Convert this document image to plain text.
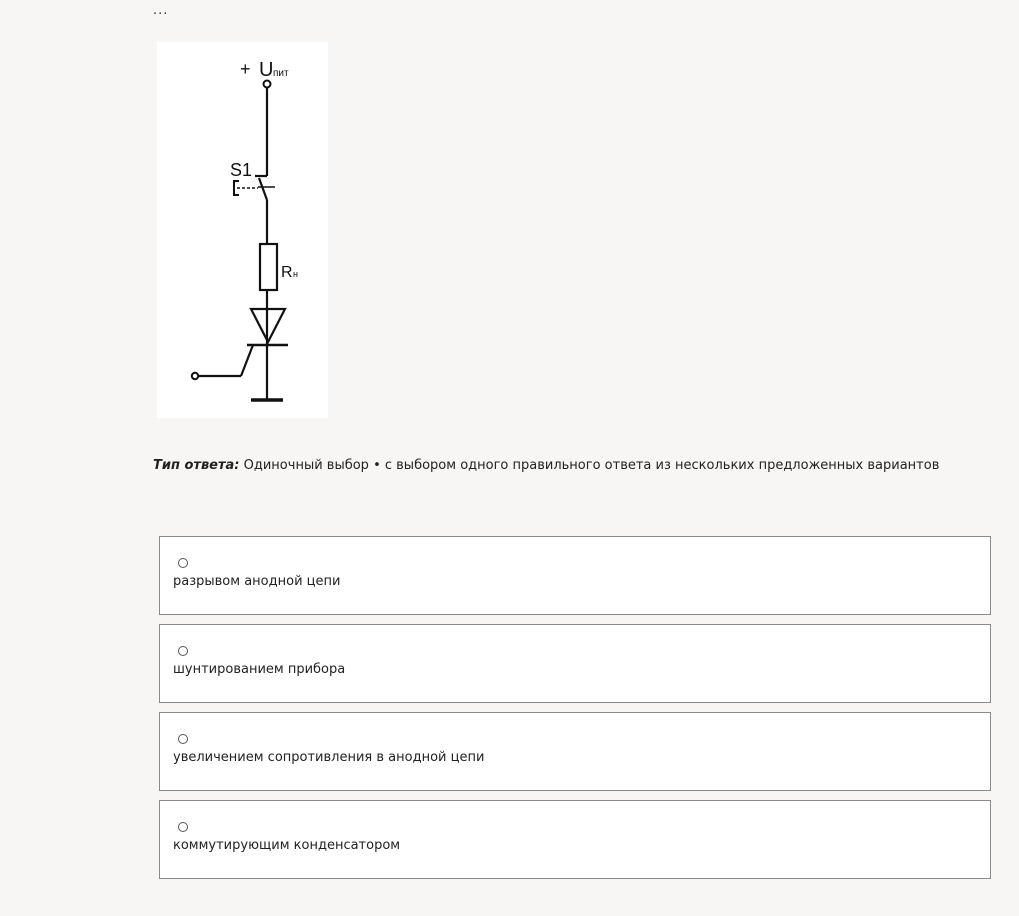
...
+ U пит
S1
R н
Тип ответа: Одиночный выбор • с выбором одного правильного ответа из нескольких предложенных вариантов
разрывом анодной цепи
шунтированием прибора
увеличением сопротивления в анодной цепи
коммутирующим конденсатором
